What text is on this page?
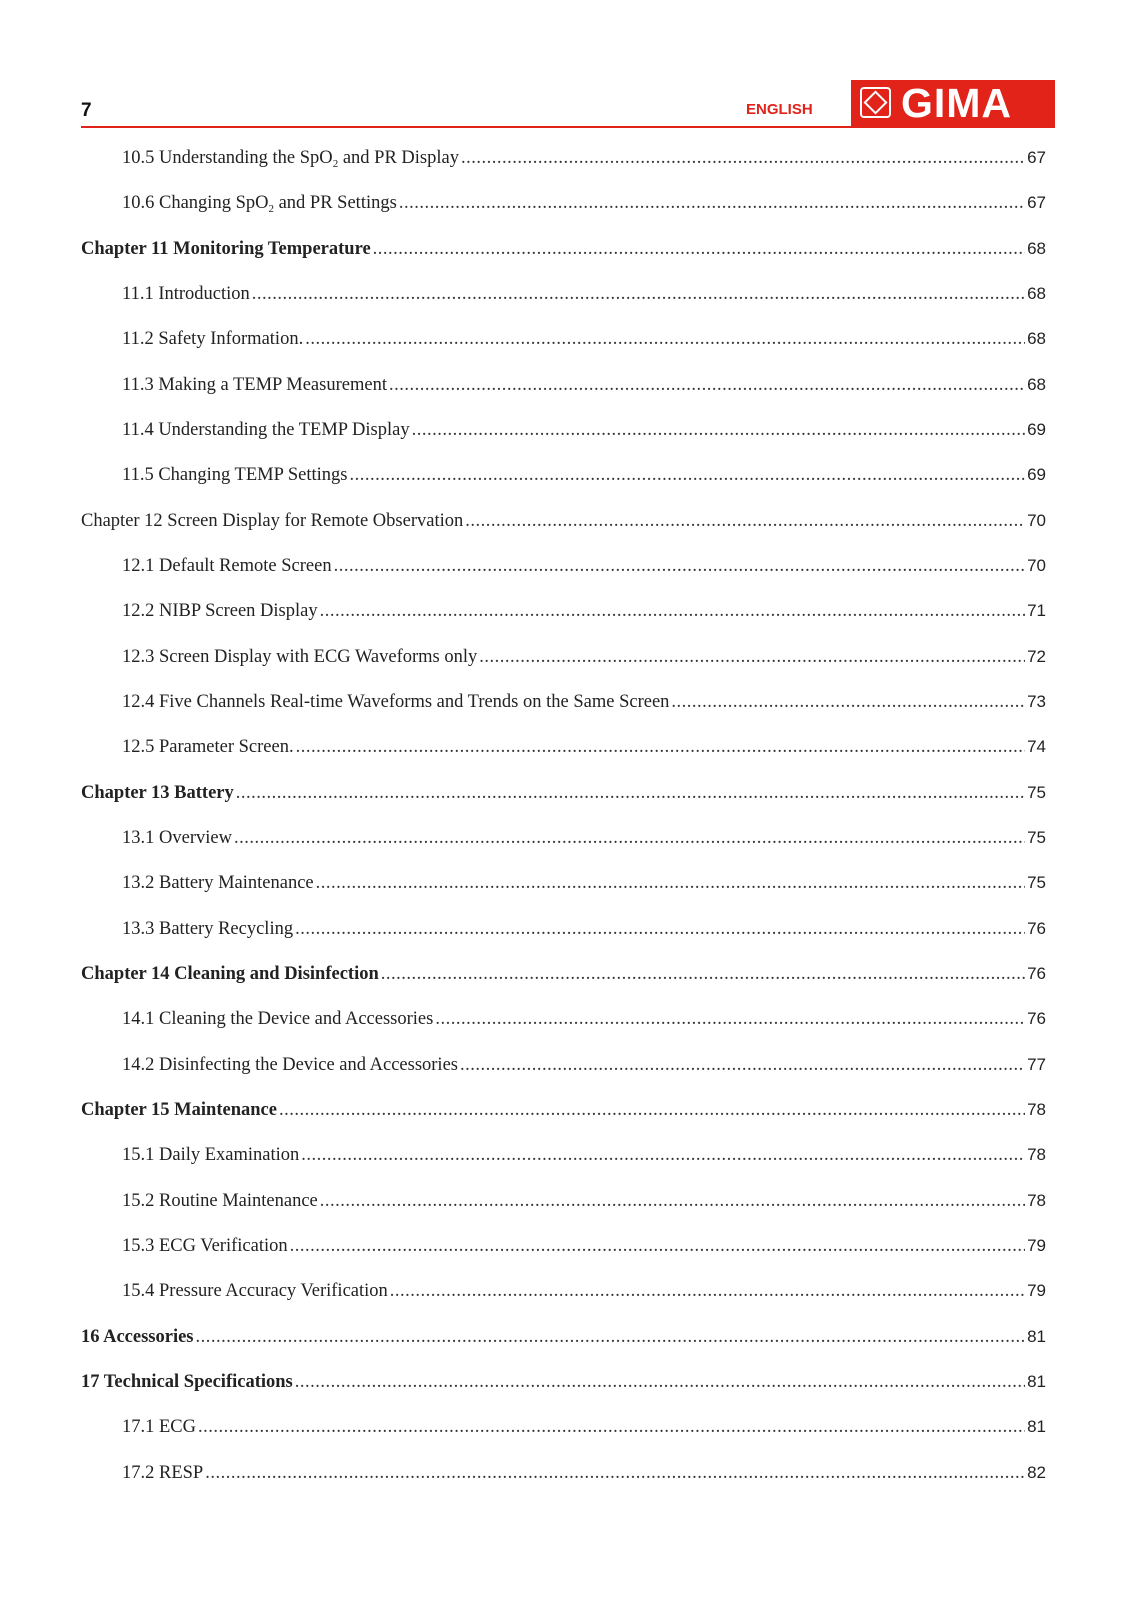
7	ENGLISH GIMA
10.5 Understanding the SpO$_2$ and PR Display .....	67
10.6 Changing SpO$_2$ and PR Settings .....	67
Chapter 11 Monitoring Temperature .....	68
11.1 Introduction .....	68
11.2 Safety Information. .....	68
11.3 Making a TEMP Measurement .....	68
11.4 Understanding the TEMP Display .....	69
11.5 Changing TEMP Settings .....	69
Chapter 12 Screen Display for Remote Observation .....	70
12.1 Default Remote Screen .....	70
12.2 NIBP Screen Display .....	71
12.3 Screen Display with ECG Waveforms only .....	72
12.4 Five Channels Real-time Waveforms and Trends on the Same Screen .....	73
12.5 Parameter Screen. .....	74
Chapter 13 Battery .....	75
13.1 Overview .....	75
13.2 Battery Maintenance .....	75
13.3 Battery Recycling .....	76
Chapter 14 Cleaning and Disinfection .....	76
14.1 Cleaning the Device and Accessories .....	76
14.2 Disinfecting the Device and Accessories .....	77
Chapter 15 Maintenance .....	78
15.1 Daily Examination .....	78
15.2 Routine Maintenance .....	78
15.3 ECG Verification .....	79
15.4 Pressure Accuracy Verification .....	79
16 Accessories .....	81
17 Technical Specifications .....	81
17.1 ECG .....	81
17.2 RESP .....	82
